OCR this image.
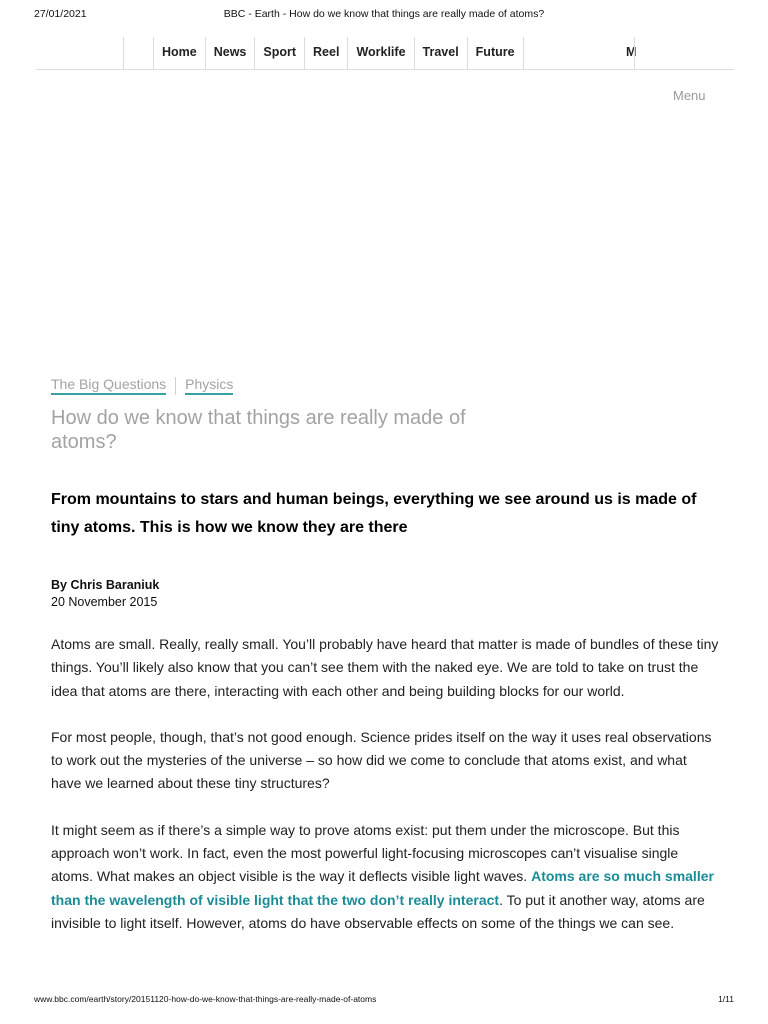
27/01/2021	BBC - Earth - How do we know that things are really made of atoms?
Home	News	Sport	Reel	Worklife	Travel	Future	M
Menu
The Big Questions Physics
How do we know that things are really made of atoms?
From mountains to stars and human beings, everything we see around us is made of tiny atoms. This is how we know they are there
By Chris Baraniuk
20 November 2015

Atoms are small. Really, really small. You’ll probably have heard that matter is made of bundles of these tiny things. You’ll likely also know that you can’t see them with the naked eye. We are told to take on trust the idea that atoms are there, interacting with each other and being building blocks for our world.

For most people, though, that’s not good enough. Science prides itself on the way it uses real observations to work out the mysteries of the universe – so how did we come to conclude that atoms exist, and what have we learned about these tiny structures?

It might seem as if there’s a simple way to prove atoms exist: put them under the microscope. But this approach won’t work. In fact, even the most powerful light-focusing microscopes can’t visualise single atoms. What makes an object visible is the way it deflects visible light waves. Atoms are so much smaller than the wavelength of visible light that the two don’t really interact. To put it another way, atoms are invisible to light itself. However, atoms do have observable effects on some of the things we can see.

www.bbc.com/earth/story/20151120-how-do-we-know-that-things-are-really-made-of-atoms	1/11
